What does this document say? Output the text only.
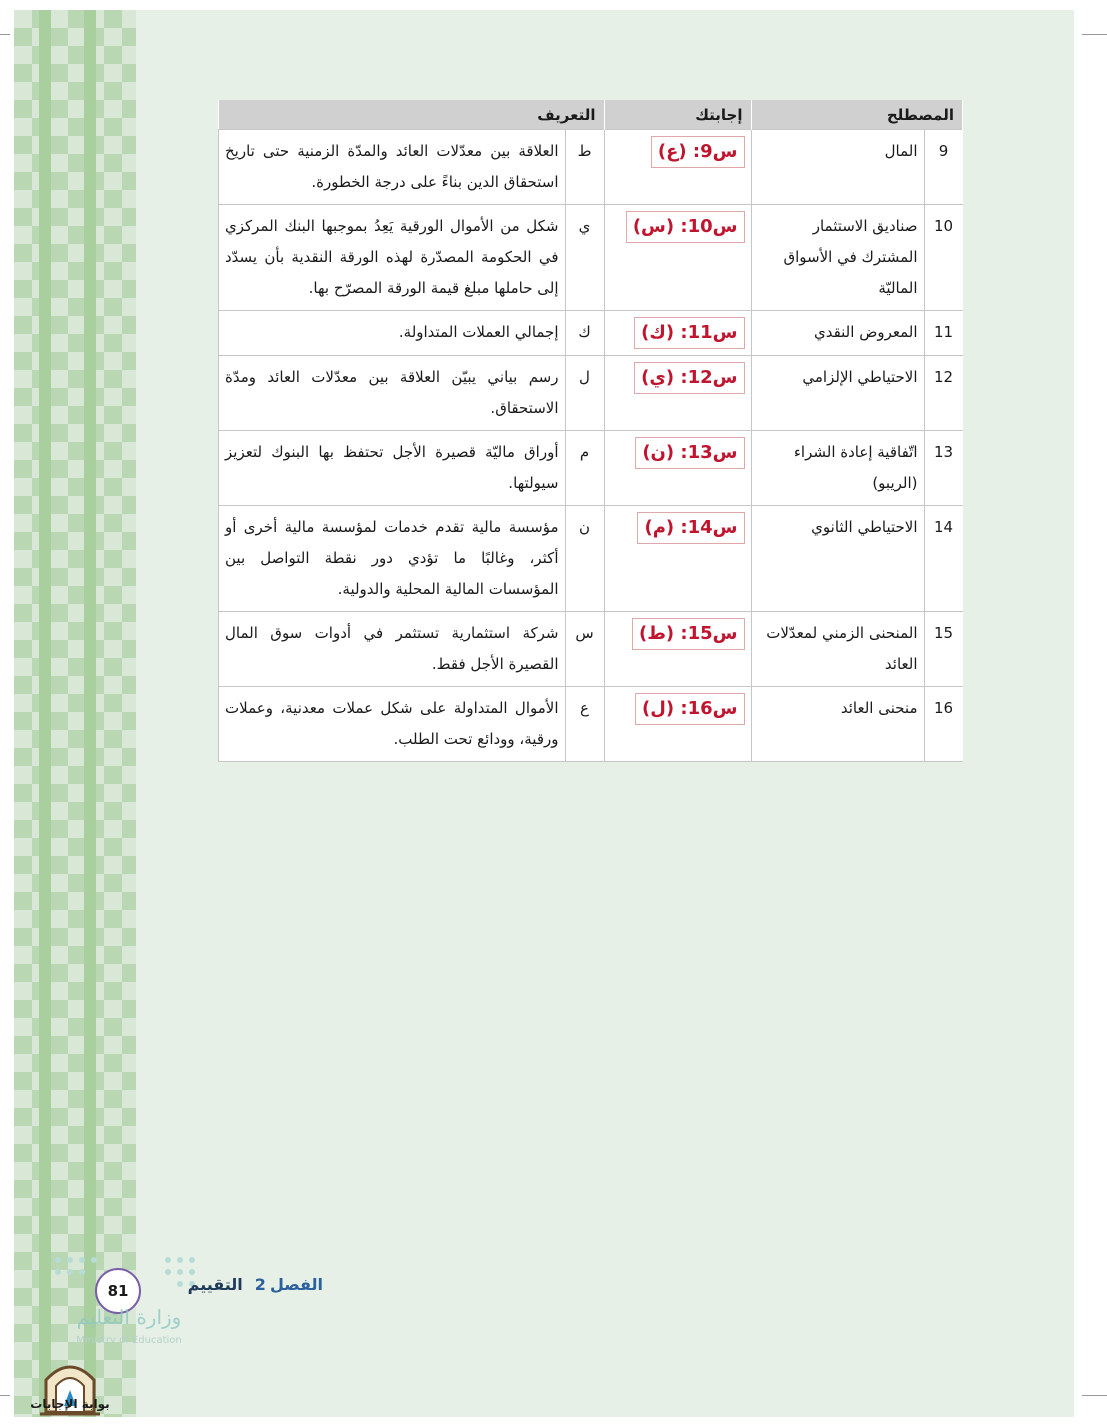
المصطلح		إجابتك	التعريف	
9	المال	س9: (ع)	ط	العلاقة بين معدّلات العائد والمدّة الزمنية حتى تاريخ استحقاق الدين بناءً على درجة الخطورة.
10	صناديق الاستثمار المشترك في الأسواق الماليّة	س10: (س)	ي	شكل من الأموال الورقية يَعِدُ بموجبها البنك المركزي في الحكومة المصدّرة لهذه الورقة النقدية بأن يسدّد إلى حاملها مبلغ قيمة الورقة المصرّح بها.
11	المعروض النقدي	س11: (ك)	ك	إجمالي العملات المتداولة.
12	الاحتياطي الإلزامي	س12: (ي)	ل	رسم بياني يبيّن العلاقة بين معدّلات العائد ومدّة الاستحقاق.
13	اتّفاقية إعادة الشراء (الريبو)	س13: (ن)	م	أوراق ماليّة قصيرة الأجل تحتفظ بها البنوك لتعزيز سيولتها.
14	الاحتياطي الثانوي	س14: (م)	ن	مؤسسة مالية تقدم خدمات لمؤسسة مالية أخرى أو أكثر، وغالبًا ما تؤدي دور نقطة التواصل بين المؤسسات المالية المحلية والدولية.
15	المنحنى الزمني لمعدّلات العائد	س15: (ط)	س	شركة استثمارية تستثمر في أدوات سوق المال القصيرة الأجل فقط.
16	منحنى العائد	س16: (ل)	ع	الأموال المتداولة على شكل عملات معدنية، وعملات ورقية، وودائع تحت الطلب.
81	الفصل2التقييم
وزارة التعليم
Ministry of Education
بوابة الإجابات
